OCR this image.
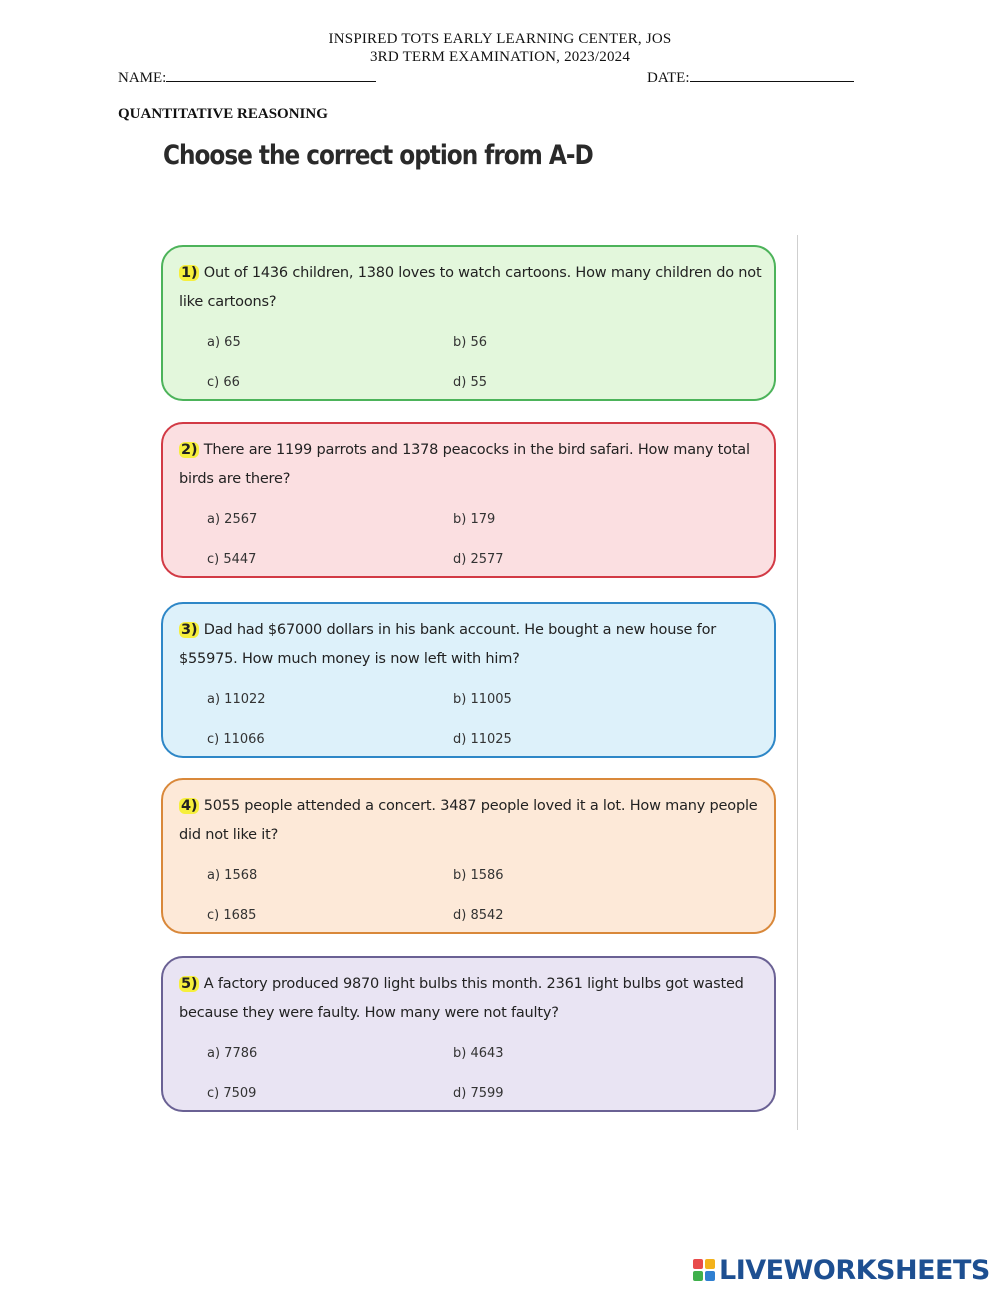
INSPIRED TOTS EARLY LEARNING CENTER, JOS
3RD TERM EXAMINATION, 2023/2024
NAME:	DATE:
QUANTITATIVE REASONING
Choose the correct option from A-D
1) Out of 1436 children, 1380 loves to watch cartoons. How many children do not like cartoons?
a) 65	b) 56
c) 66	d) 55
2) There are 1199 parrots and 1378 peacocks in the bird safari. How many total birds are there?
a) 2567	b) 179
c) 5447	d) 2577
3) Dad had $67000 dollars in his bank account. He bought a new house for $55975. How much money is now left with him?
a) 11022	b) 11005
c) 11066	d) 11025
4) 5055 people attended a concert. 3487 people loved it a lot. How many people did not like it?
a) 1568	b) 1586
c) 1685	d) 8542
5) A factory produced 9870 light bulbs this month. 2361 light bulbs got wasted because they were faulty. How many were not faulty?
a) 7786	b) 4643
c) 7509	d) 7599
LIVEWORKSHEETS
